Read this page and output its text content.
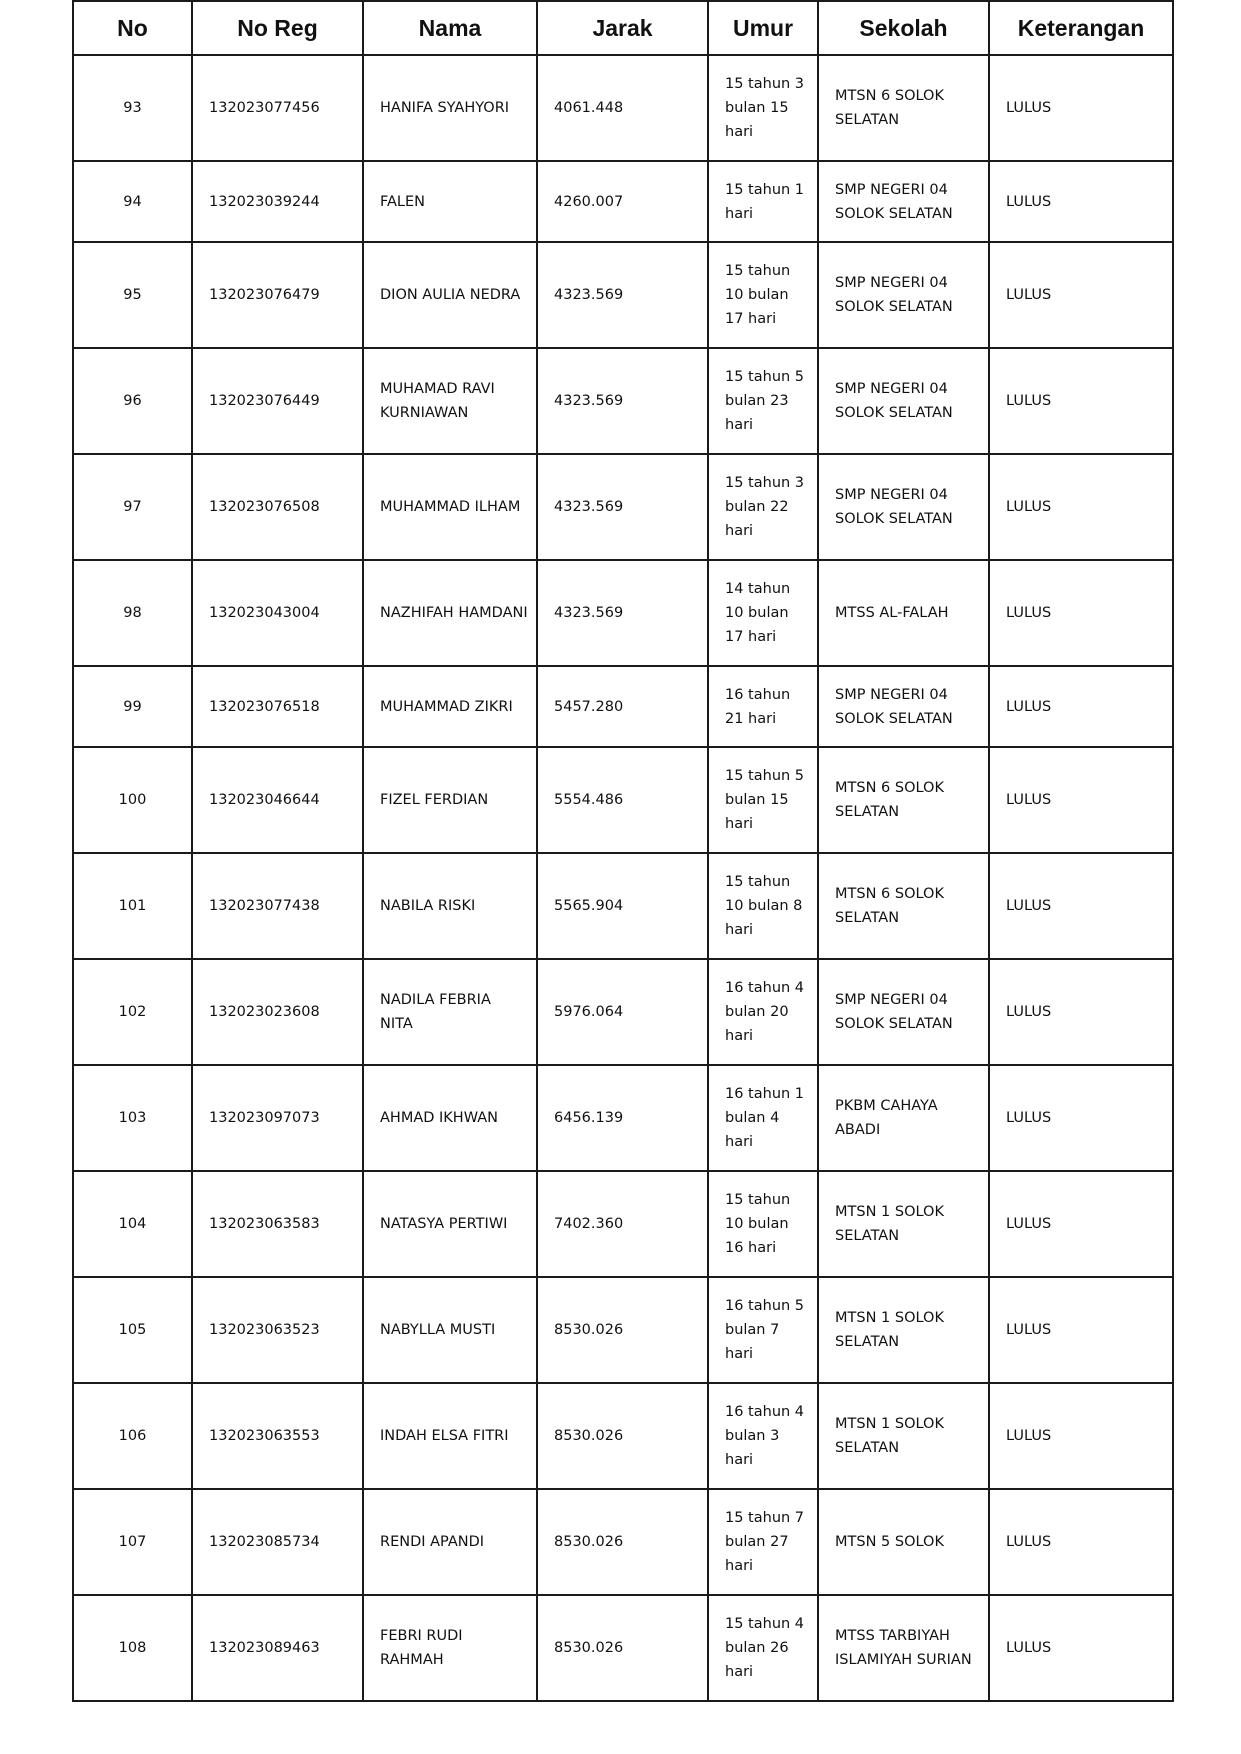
No	No Reg	Nama	Jarak	Umur	Sekolah	Keterangan
93	132023077456	HANIFA SYAHYORI	4061.448	15 tahun 3 bulan 15 hari	MTSN 6 SOLOK SELATAN	LULUS
94	132023039244	FALEN	4260.007	15 tahun 1 hari	SMP NEGERI 04 SOLOK SELATAN	LULUS
95	132023076479	DION AULIA NEDRA	4323.569	15 tahun 10 bulan 17 hari	SMP NEGERI 04 SOLOK SELATAN	LULUS
96	132023076449	MUHAMAD RAVI KURNIAWAN	4323.569	15 tahun 5 bulan 23 hari	SMP NEGERI 04 SOLOK SELATAN	LULUS
97	132023076508	MUHAMMAD ILHAM	4323.569	15 tahun 3 bulan 22 hari	SMP NEGERI 04 SOLOK SELATAN	LULUS
98	132023043004	NAZHIFAH HAMDANI	4323.569	14 tahun 10 bulan 17 hari	MTSS AL-FALAH	LULUS
99	132023076518	MUHAMMAD ZIKRI	5457.280	16 tahun 21 hari	SMP NEGERI 04 SOLOK SELATAN	LULUS
100	132023046644	FIZEL FERDIAN	5554.486	15 tahun 5 bulan 15 hari	MTSN 6 SOLOK SELATAN	LULUS
101	132023077438	NABILA RISKI	5565.904	15 tahun 10 bulan 8 hari	MTSN 6 SOLOK SELATAN	LULUS
102	132023023608	NADILA FEBRIA NITA	5976.064	16 tahun 4 bulan 20 hari	SMP NEGERI 04 SOLOK SELATAN	LULUS
103	132023097073	AHMAD IKHWAN	6456.139	16 tahun 1 bulan 4 hari	PKBM CAHAYA ABADI	LULUS
104	132023063583	NATASYA PERTIWI	7402.360	15 tahun 10 bulan 16 hari	MTSN 1 SOLOK SELATAN	LULUS
105	132023063523	NABYLLA MUSTI	8530.026	16 tahun 5 bulan 7 hari	MTSN 1 SOLOK SELATAN	LULUS
106	132023063553	INDAH ELSA FITRI	8530.026	16 tahun 4 bulan 3 hari	MTSN 1 SOLOK SELATAN	LULUS
107	132023085734	RENDI APANDI	8530.026	15 tahun 7 bulan 27 hari	MTSN 5 SOLOK	LULUS
108	132023089463	FEBRI RUDI RAHMAH	8530.026	15 tahun 4 bulan 26 hari	MTSS TARBIYAH ISLAMIYAH SURIAN	LULUS
